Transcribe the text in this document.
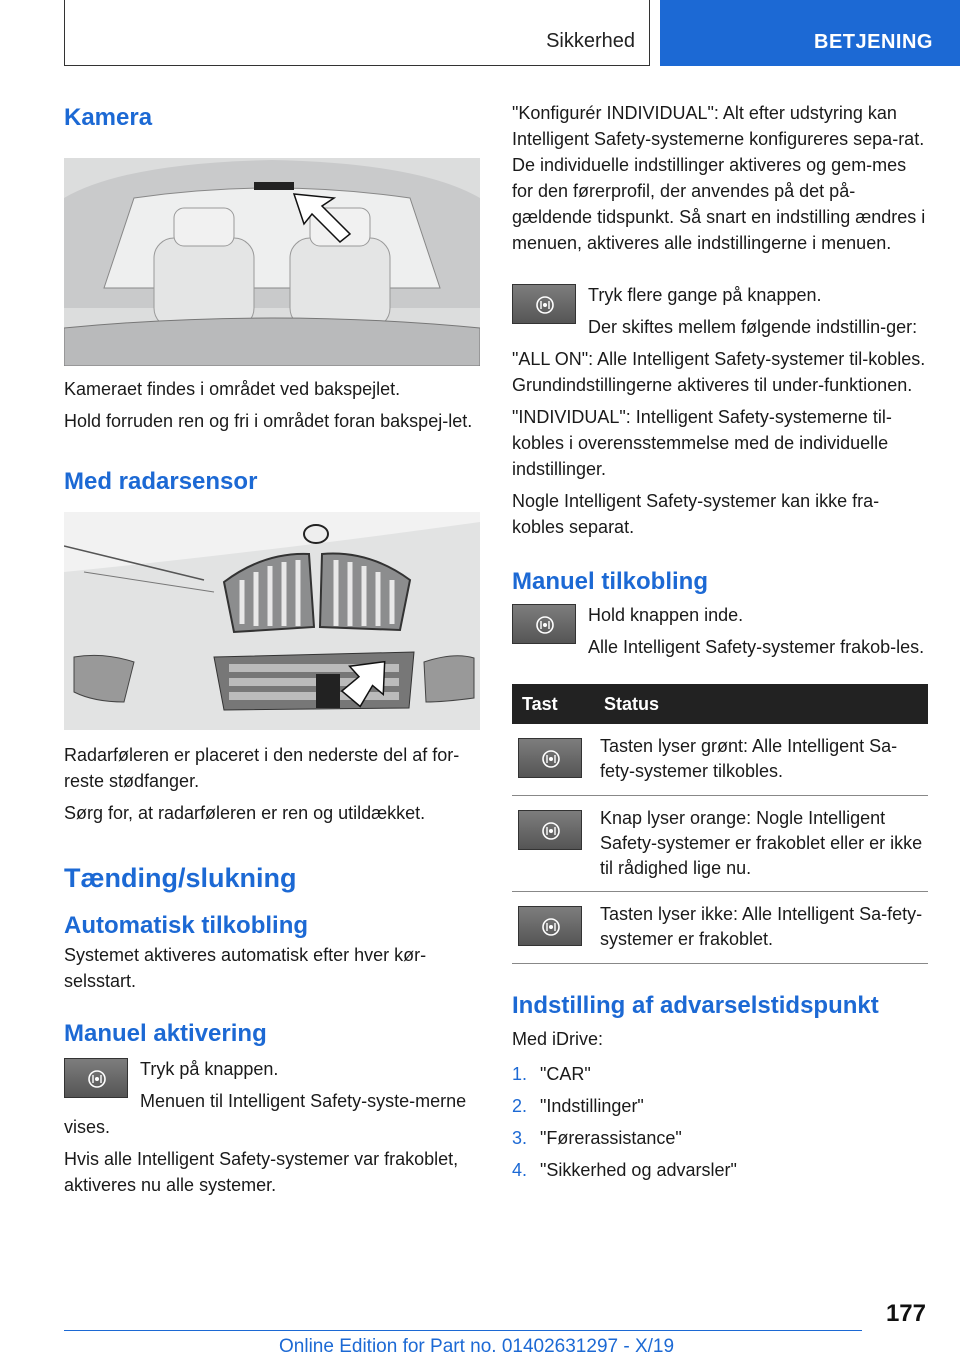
Sikkerhed	BETJENING
Kamera

Kameraet findes i området ved bakspejlet.

Hold forruden ren og fri i området foran bakspej-let.

Med radarsensor

Radarføleren er placeret i den nederste del af for-reste stødfanger.

Sørg for, at radarføleren er ren og utildækket.

Tænding/slukning
Automatisk tilkobling

Systemet aktiveres automatisk efter hver kør-selsstart.

Manuel aktivering

Tryk på knappen.

Menuen til Intelligent Safety-syste-merne vises.

Hvis alle Intelligent Safety-systemer var frakoblet, aktiveres nu alle systemer.

"Konfigurér INDIVIDUAL": Alt efter udstyring kan Intelligent Safety-systemerne konfigureres sepa-rat. De individuelle indstillinger aktiveres og gem-mes for den førerprofil, der anvendes på det på-gældende tidspunkt. Så snart en indstilling ændres i menuen, aktiveres alle indstillingerne i menuen.

Tryk flere gange på knappen.

Der skiftes mellem følgende indstillin-ger:

"ALL ON": Alle Intelligent Safety-systemer til-kobles. Grundindstillingerne aktiveres til under-funktionen.

"INDIVIDUAL": Intelligent Safety-systemerne til-kobles i overensstemmelse med de individuelle indstillinger.

Nogle Intelligent Safety-systemer kan ikke fra-kobles separat.

Manuel tilkobling

Hold knappen inde.

Alle Intelligent Safety-systemer frakob-les.

Tast	Status

	Tasten lyser grønt: Alle Intelligent Sa-fety-systemer tilkobles.

	Knap lyser orange: Nogle Intelligent Safety-systemer er frakoblet eller er ikke til rådighed lige nu.

	Tasten lyser ikke: Alle Intelligent Sa-fety-systemer er frakoblet.
Indstilling af advarselstidspunkt

Med iDrive:

1. "CAR"
2. "Indstillinger"
3. "Førerassistance"
4. "Sikkerhed og advarsler"
177
Online Edition for Part no. 01402631297 - X/19
